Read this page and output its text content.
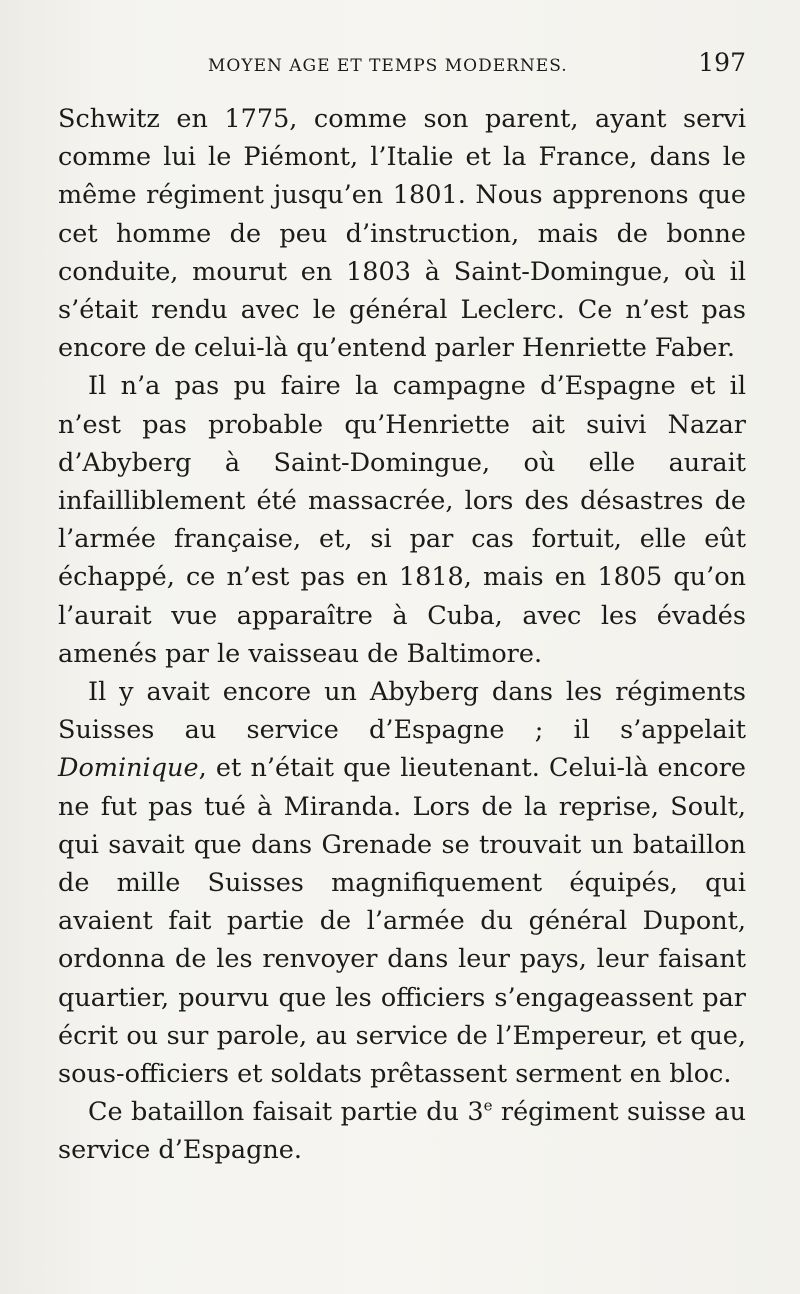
MOYEN AGE ET TEMPS MODERNES.	197

Schwitz en 1775, comme son parent, ayant servi comme lui le Piémont, l’Italie et la France, dans le même régiment jusqu’en 1801. Nous apprenons que cet homme de peu d’instruction, mais de bonne conduite, mourut en 1803 à Saint-Domingue, où il s’était rendu avec le général Leclerc. Ce n’est pas encore de celui-là qu’entend parler Henriette Faber.

Il n’a pas pu faire la campagne d’Espagne et il n’est pas probable qu’Henriette ait suivi Nazar d’Abyberg à Saint-Domingue, où elle aurait infailliblement été massacrée, lors des désastres de l’armée française, et, si par cas fortuit, elle eût échappé, ce n’est pas en 1818, mais en 1805 qu’on l’aurait vue apparaître à Cuba, avec les évadés amenés par le vaisseau de Baltimore.

Il y avait encore un Abyberg dans les régiments Suisses au service d’Espagne ; il s’appelait Dominique, et n’était que lieutenant. Celui-là encore ne fut pas tué à Miranda. Lors de la reprise, Soult, qui savait que dans Grenade se trouvait un bataillon de mille Suisses magnifiquement équipés, qui avaient fait partie de l’armée du général Dupont, ordonna de les renvoyer dans leur pays, leur faisant quartier, pourvu que les officiers s’engageassent par écrit ou sur parole, au service de l’Empereur, et que, sous-officiers et soldats prêtassent serment en bloc.

Ce bataillon faisait partie du 3e régiment suisse au service d’Espagne.
